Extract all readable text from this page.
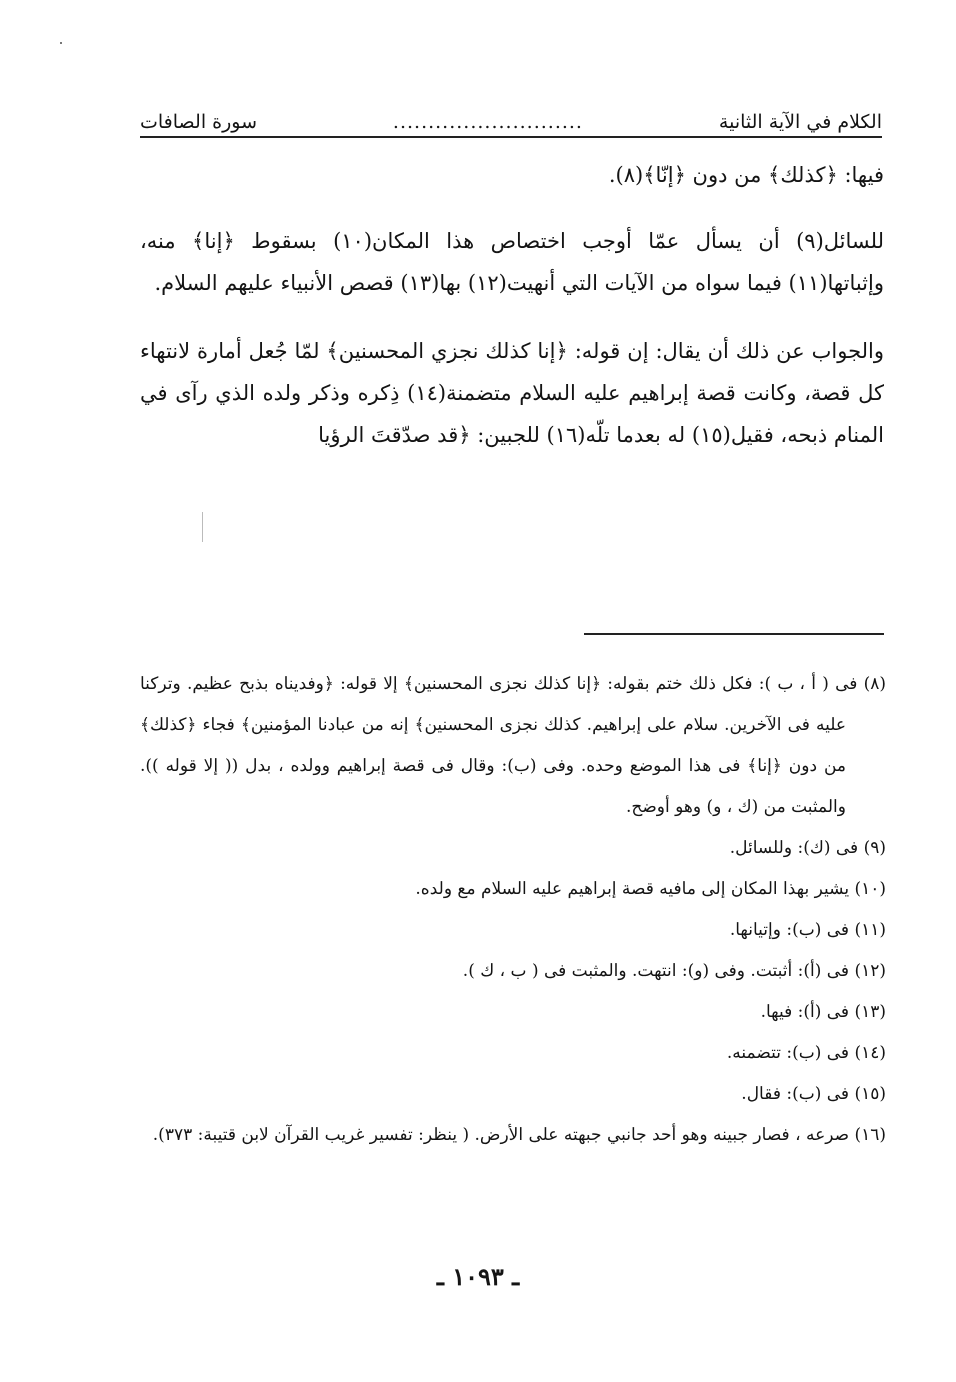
الكلام في الآية الثانية
...........................
سورة الصافات

فيها: ﴿كذلك﴾ من دون ﴿إنّا﴾(٨).

للسائل(٩) أن يسأل عمّا أوجب اختصاص هذا المكان(١٠) بسقوط ﴿إنا﴾ منه، وإثباتها(١١) فيما سواه من الآيات التي أنهيت(١٢) بها(١٣) قصص الأنبياء عليهم السلام.

والجواب عن ذلك أن يقال: إن قوله: ﴿إنا كذلك نجزي المحسنين﴾ لمّا جُعل أمارة لانتهاء كل قصة، وكانت قصة إبراهيم عليه السلام متضمنة(١٤) ذِكره وذكر ولده الذي رآى في المنام ذبحه، فقيل(١٥) له بعدما تلّه(١٦) للجبين: ﴿قد صدّقتَ الرؤيا

(٨) فى ( أ ، ب ): فكل ذلك ختم بقوله: ﴿إنا كذلك نجزى المحسنين﴾ إلا قوله: ﴿وفديناه بذبح عظيم. وتركنا عليه فى الآخرين. سلام على إبراهيم. كذلك نجزى المحسنين﴾ إنه من عبادنا المؤمنين﴾ فجاء ﴿كذلك﴾ من دون ﴿إنا﴾ فى هذا الموضع وحده. وفى (ب): وقال فى قصة إبراهيم وولده ، بدل (( إلا قوله )). والمثبت من (ك ، و) وهو أوضح.

(٩) فى (ك): وللسائل.

(١٠) يشير بهذا المكان إلى مافيه قصة إبراهيم عليه السلام مع ولده.

(١١) فى (ب): وإتيانها.

(١٢) فى (أ): أثبتت. وفى (و): انتهت. والمثبت فى ( ب ، ك ).

(١٣) فى (أ): فيها.

(١٤) فى (ب): تتضمنه.

(١٥) فى (ب): فقال.

(١٦) صرعه ، فصار جبينه وهو أحد جانبي جبهته على الأرض. ( ينظر: تفسير غريب القرآن لابن قتيبة: ٣٧٣).

ـ ١٠٩٣ ـ
